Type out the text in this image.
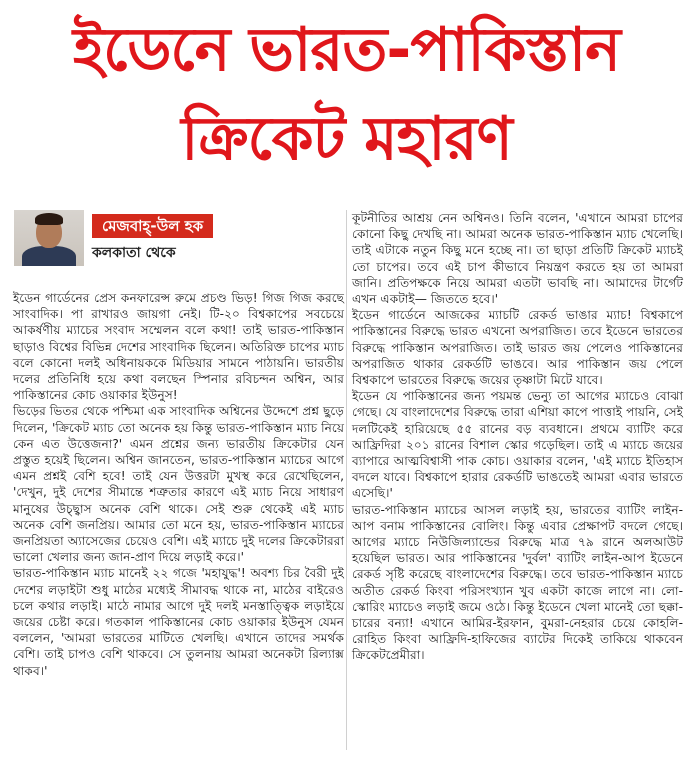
ইডেনে ভারত-পাকিস্তান
ক্রিকেট মহারণ
মেজবাহ্-উল হক
কলকাতা থেকে

ইডেন গার্ডেনের প্রেস কনফারেন্স রুমে প্রচণ্ড ভিড়! গিজ গিজ করছে সাংবাদিক। পা রাখারও জায়গা নেই। টি-২০ বিশ্বকাপের সবচেয়ে আকর্ষণীয় ম্যাচের সংবাদ সম্মেলন বলে কথা! তাই ভারত-পাকিস্তান ছাড়াও বিশ্বের বিভিন্ন দেশের সাংবাদিক ছিলেন। অতিরিক্ত চাপের ম্যাচ বলে কোনো দলই অধিনায়ককে মিডিয়ার সামনে পাঠায়নি। ভারতীয় দলের প্রতিনিধি হয়ে কথা বলছেন স্পিনার রবিচন্দন অশ্বিন, আর পাকিস্তানের কোচ ওয়াকার ইউনুস!

ভিড়ের ভিতর থেকে পশ্চিমা এক সাংবাদিক অশ্বিনের উদ্দেশে প্রশ্ন ছুড়ে দিলেন, 'ক্রিকেট ম্যাচ তো অনেক হয় কিন্তু ভারত-পাকিস্তান ম্যাচ নিয়ে কেন এত উত্তেজনা?' এমন প্রশ্নের জন্য ভারতীয় ক্রিকেটার যেন প্রস্তুত হয়েই ছিলেন। অশ্বিন জানতেন, ভারত-পাকিস্তান ম্যাচের আগে এমন প্রশ্নই বেশি হবে! তাই যেন উত্তরটা মুখস্থ করে রেখেছিলেন, 'দেখুন, দুই দেশের সীমান্তে শত্রুতার কারণে এই ম্যাচ নিয়ে সাধারণ মানুষের উচ্ছ্বাস অনেক বেশি থাকে। সেই শুরু থেকেই এই ম্যাচ অনেক বেশি জনপ্রিয়। আমার তো মনে হয়, ভারত-পাকিস্তান ম্যাচের জনপ্রিয়তা অ্যাসেজের চেয়েও বেশি। এই ম্যাচে দুই দলের ক্রিকেটাররা ভালো খেলার জন্য জান-প্রাণ দিয়ে লড়াই করে।'

ভারত-পাকিস্তান ম্যাচ মানেই ২২ গজে 'মহাযুদ্ধ'! অবশ্য চির বৈরী দুই দেশের লড়াইটা শুধু মাঠের মধ্যেই সীমাবদ্ধ থাকে না, মাঠের বাইরেও চলে কথার লড়াই। মাঠে নামার আগে দুই দলই মনস্তাত্ত্বিক লড়াইয়ে জয়ের চেষ্টা করে। গতকাল পাকিস্তানের কোচ ওয়াকার ইউনুস যেমন বললেন, 'আমরা ভারতের মাটিতে খেলছি। এখানে তাদের সমর্থক বেশি। তাই চাপও বেশি থাকবে। সে তুলনায় আমরা অনেকটা রিল্যাক্স থাকব।'

কূটনীতির আশ্রয় নেন অশ্বিনও। তিনি বলেন, 'এখানে আমরা চাপের কোনো কিছু দেখছি না। আমরা অনেক ভারত-পাকিস্তান ম্যাচ খেলেছি। তাই এটাকে নতুন কিছু মনে হচ্ছে না। তা ছাড়া প্রতিটি ক্রিকেট ম্যাচই তো চাপের। তবে এই চাপ কীভাবে নিয়ন্ত্রণ করতে হয় তা আমরা জানি। প্রতিপক্ষকে নিয়ে আমরা এতটা ভাবছি না। আমাদের টার্গেট এখন একটাই— জিততে হবে।'

ইডেন গার্ডেনে আজকের ম্যাচটি রেকর্ড ভাঙার ম্যাচ! বিশ্বকাপে পাকিস্তানের বিরুদ্ধে ভারত এখনো অপরাজিত। তবে ইডেনে ভারতের বিরুদ্ধে পাকিস্তান অপরাজিত। তাই ভারত জয় পেলেও পাকিস্তানের অপরাজিত থাকার রেকর্ডটি ভাঙবে। আর পাকিস্তান জয় পেলে বিশ্বকাপে ভারতের বিরুদ্ধে জয়ের তৃষ্ণাটা মিটে যাবে।

ইডেন যে পাকিস্তানের জন্য পয়মন্ত ভেন্যু তা আগের ম্যাচেও বোঝা গেছে। যে বাংলাদেশের বিরুদ্ধে তারা এশিয়া কাপে পাত্তাই পায়নি, সেই দলটিকেই হারিয়েছে ৫৫ রানের বড় ব্যবধানে। প্রথমে ব্যাটিং করে আফ্রিদিরা ২০১ রানের বিশাল স্কোর গড়েছিল। তাই এ ম্যাচে জয়ের ব্যাপারে আত্মবিশ্বাসী পাক কোচ। ওয়াকার বলেন, 'এই ম্যাচে ইতিহাস বদলে যাবে। বিশ্বকাপে হারার রেকর্ডটি ভাঙতেই আমরা এবার ভারতে এসেছি।'

ভারত-পাকিস্তান ম্যাচের আসল লড়াই হয়, ভারতের ব্যাটিং লাইন-আপ বনাম পাকিস্তানের বোলিং। কিন্তু এবার প্রেক্ষাপট বদলে গেছে। আগের ম্যাচে নিউজিল্যান্ডের বিরুদ্ধে মাত্র ৭৯ রানে অলআউট হয়েছিল ভারত। আর পাকিস্তানের 'দুর্বল' ব্যাটিং লাইন-আপ ইডেনে রেকর্ড সৃষ্টি করেছে বাংলাদেশের বিরুদ্ধে। তবে ভারত-পাকিস্তান ম্যাচে অতীত রেকর্ড কিংবা পরিসংখ্যান খুব একটা কাজে লাগে না। লো-স্কোরিং ম্যাচেও লড়াই জমে ওঠে। কিন্তু ইডেনে খেলা মানেই তো ছক্কা-চারের বন্যা! এখানে আমির-ইরফান, বুমরা-নেহরার চেয়ে কোহলি-রোহিত কিংবা আফ্রিদি-হাফিজের ব্যাটের দিকেই তাকিয়ে থাকবেন ক্রিকেটপ্রেমীরা।
